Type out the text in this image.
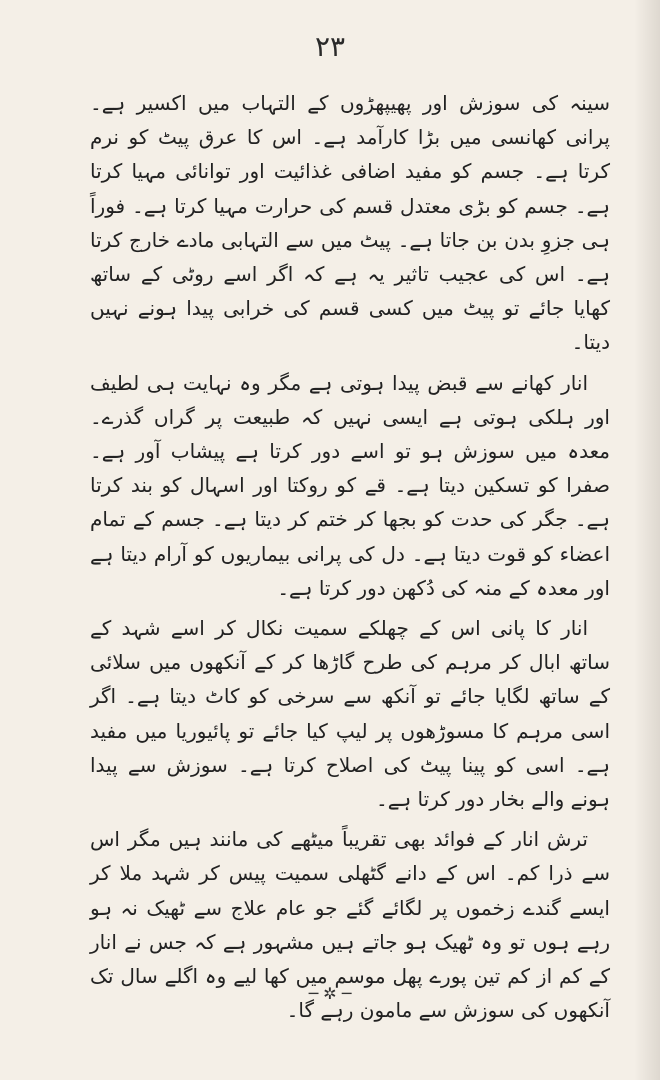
۲۳

سینہ کی سوزش اور پھیپھڑوں کے التہاب میں اکسیر ہے۔ پرانی کھانسی میں بڑا کارآمد ہے۔ اس کا عرق پیٹ کو نرم کرتا ہے۔ جسم کو مفید اضافی غذائیت اور توانائی مہیا کرتا ہے۔ جسم کو بڑی معتدل قسم کی حرارت مہیا کرتا ہے۔ فوراً ہی جزوِ بدن بن جاتا ہے۔ پیٹ میں سے التہابی مادے خارج کرتا ہے۔ اس کی عجیب تاثیر یہ ہے کہ اگر اسے روٹی کے ساتھ کھایا جائے تو پیٹ میں کسی قسم کی خرابی پیدا ہونے نہیں دیتا۔

انار کھانے سے قبض پیدا ہوتی ہے مگر وہ نہایت ہی لطیف اور ہلکی ہوتی ہے ایسی نہیں کہ طبیعت پر گراں گذرے۔ معدہ میں سوزش ہو تو اسے دور کرتا ہے پیشاب آور ہے۔ صفرا کو تسکین دیتا ہے۔ قے کو روکتا اور اسہال کو بند کرتا ہے۔ جگر کی حدت کو بجھا کر ختم کر دیتا ہے۔ جسم کے تمام اعضاء کو قوت دیتا ہے۔ دل کی پرانی بیماریوں کو آرام دیتا ہے اور معدہ کے منہ کی دُکھن دور کرتا ہے۔

انار کا پانی اس کے چھلکے سمیت نکال کر اسے شہد کے ساتھ ابال کر مرہم کی طرح گاڑھا کر کے آنکھوں میں سلائی کے ساتھ لگایا جائے تو آنکھ سے سرخی کو کاٹ دیتا ہے۔ اگر اسی مرہم کا مسوڑھوں پر لیپ کیا جائے تو پائیوریا میں مفید ہے۔ اسی کو پینا پیٹ کی اصلاح کرتا ہے۔ سوزش سے پیدا ہونے والے بخار دور کرتا ہے۔

ترش انار کے فوائد بھی تقریباً میٹھے کی مانند ہیں مگر اس سے ذرا کم۔ اس کے دانے گٹھلی سمیت پیس کر شہد ملا کر ایسے گندے زخموں پر لگائے گئے جو عام علاج سے ٹھیک نہ ہو رہے ہوں تو وہ ٹھیک ہو جاتے ہیں مشہور ہے کہ جس نے انار کے کم از کم تین پورے پھل موسم میں کھا لیے وہ اگلے سال تک آنکھوں کی سوزش سے مامون رہے گا۔

─ ✲ ─
